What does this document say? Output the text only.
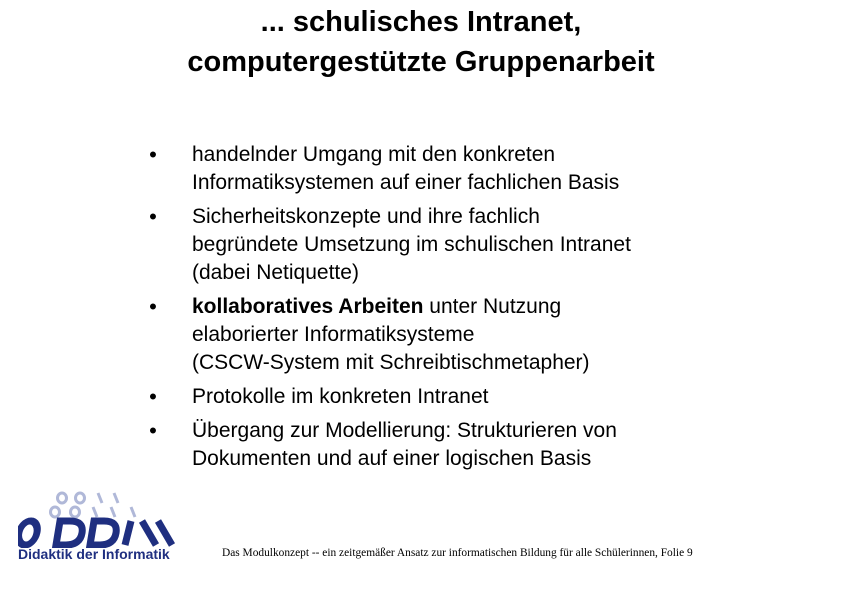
... schulisches Intranet,
computergestützte Gruppenarbeit
• handelnder Umgang mit den konkreten
Informatiksystemen auf einer fachlichen Basis
• Sicherheitskonzepte und ihre fachlich
begründete Umsetzung im schulischen Intranet
(dabei Netiquette)
• kollaboratives Arbeiten unter Nutzung
elaborierter Informatiksysteme
(CSCW-System mit Schreibtischmetapher)
• Protokolle im konkreten Intranet
• Übergang zur Modellierung: Strukturieren von
Dokumenten und auf einer logischen Basis
Didaktik der Informatik	Das Modulkonzept -- ein zeitgemäßer Ansatz zur informatischen Bildung für alle Schülerinnen, Folie 9
